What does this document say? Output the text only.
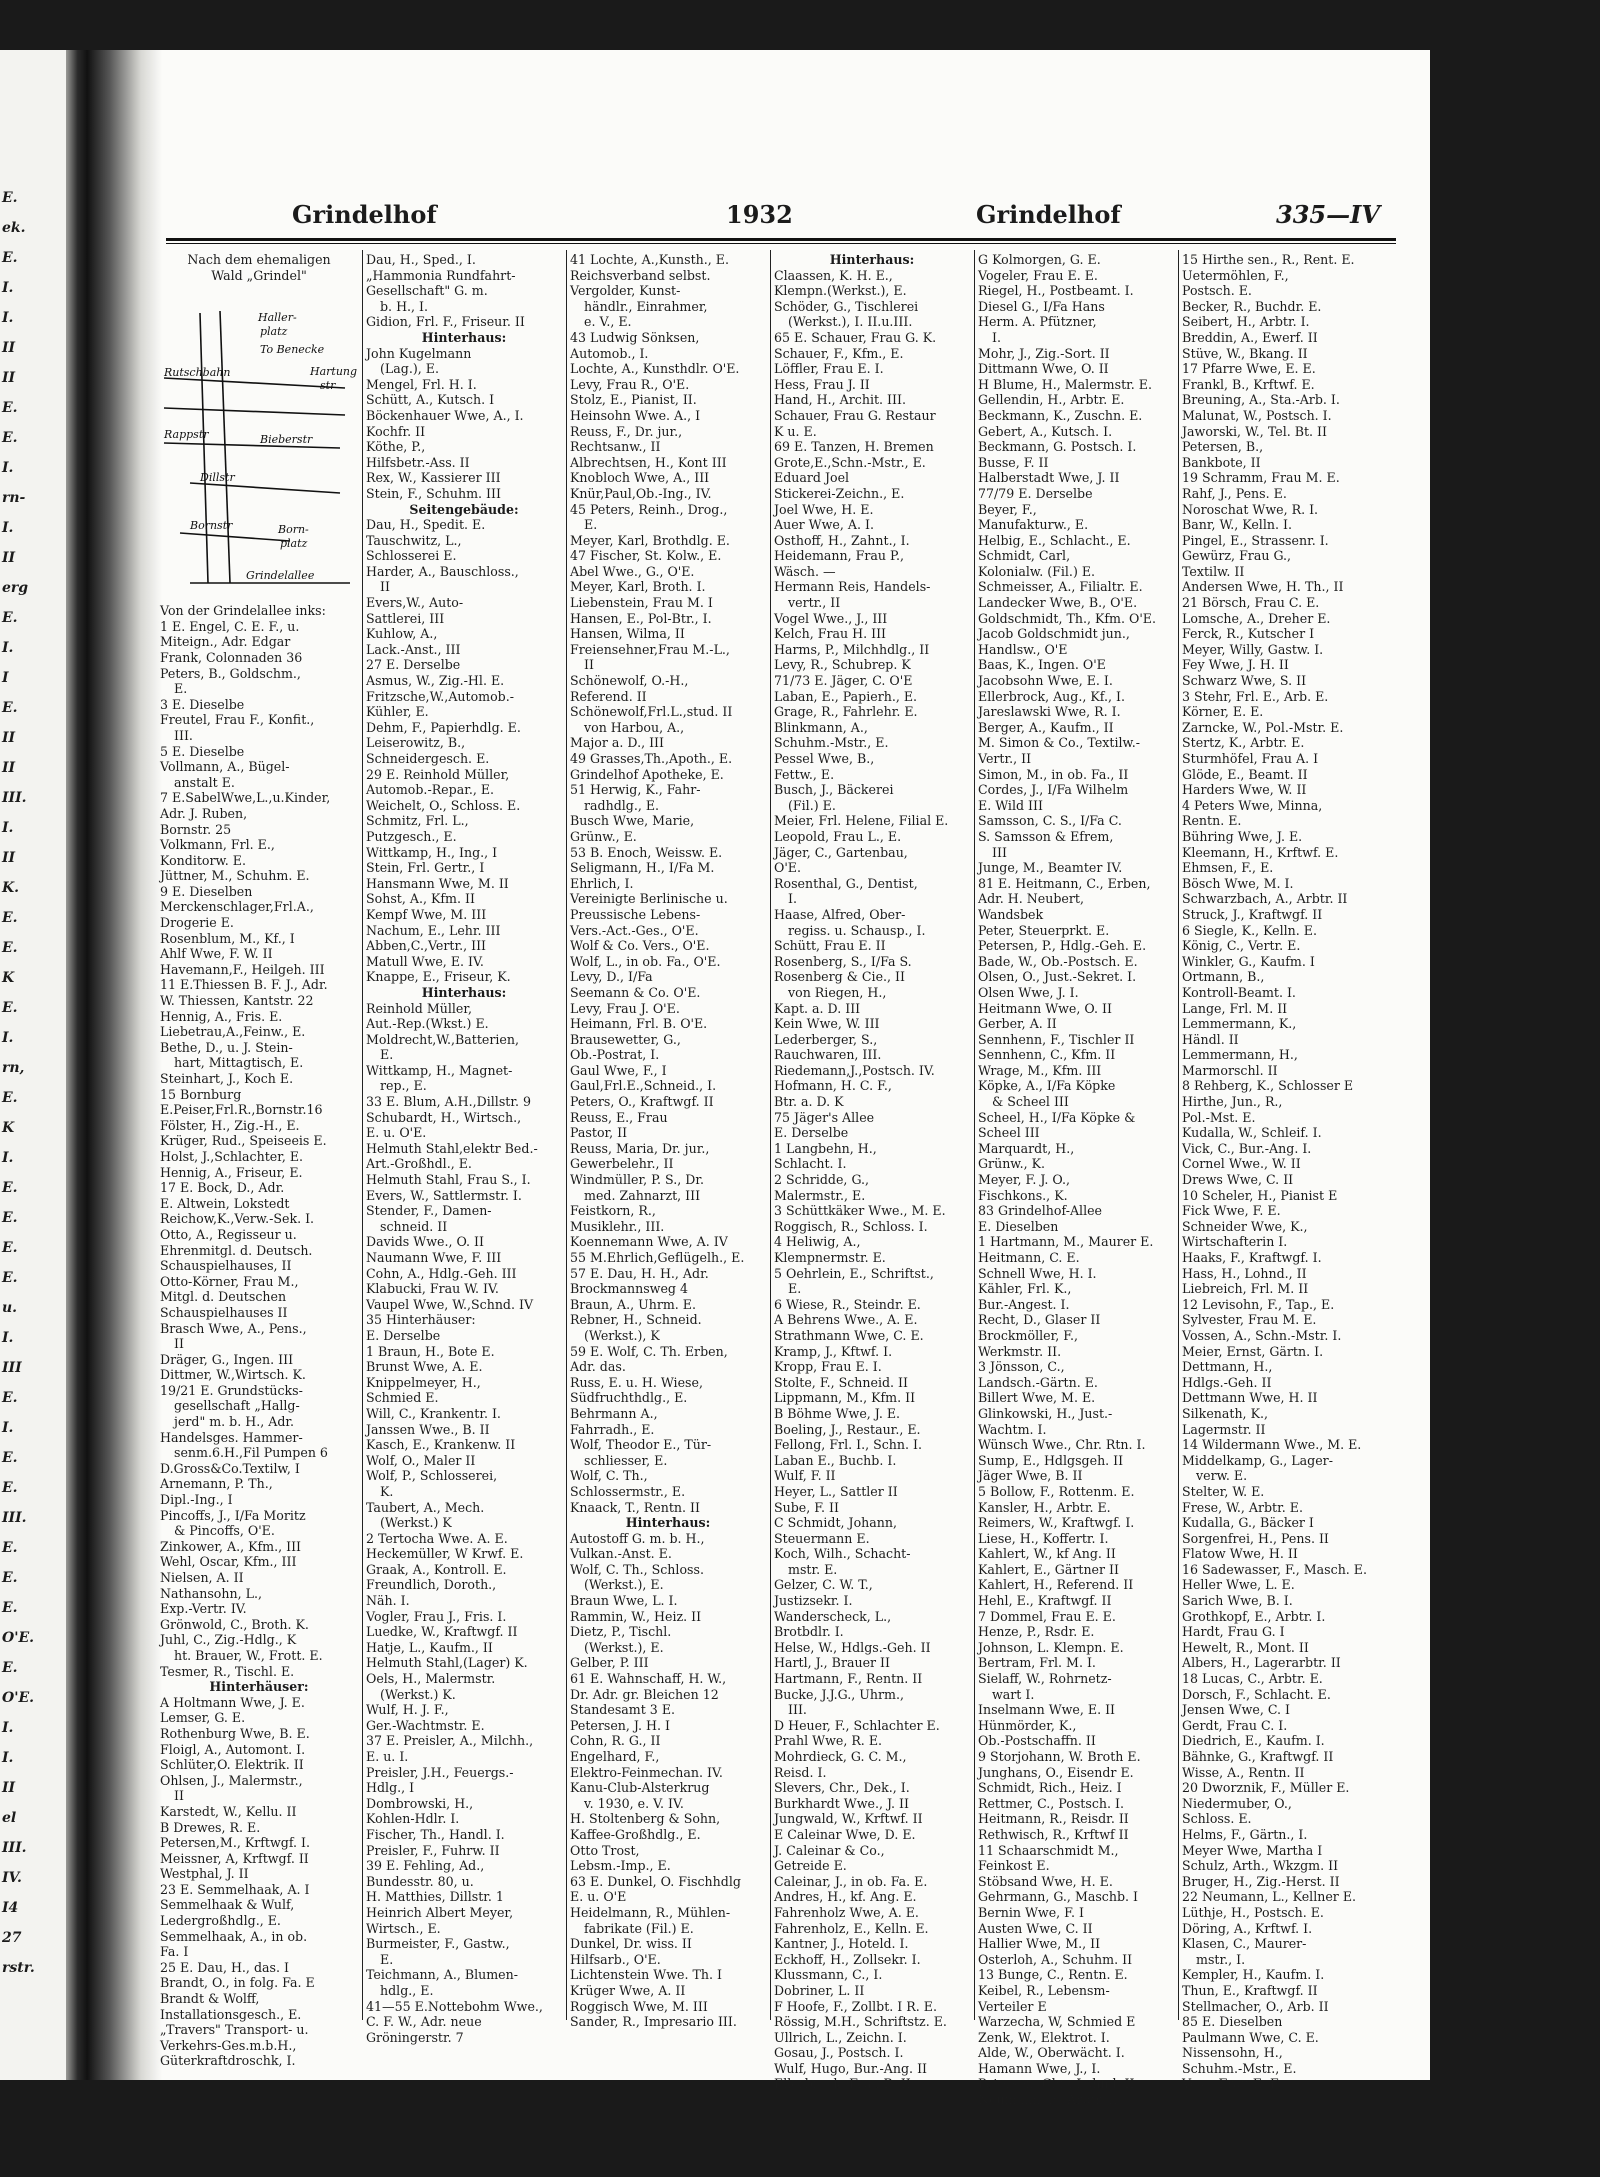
E.
ek.
E.
I.
I.
II
II
E.
E.
I.
rn-
I.
II
erg
E.
I.
I
E.
II
II
III.
I.
II
K.
E.
E.
K
E.
I.
rn,
E.
K
I.
E.
E.
E.
E.
u.
I.
III
E.
I.
E.
E.
III.
E.
E.
E.
O'E.
E.
O'E.
I.
I.
II
el
III.
IV.
I4
27
rstr.
Grindelhof	1932	Grindelhof	335—IV
Nach dem ehemaligen
Wald „Grindel"
Haller-
platz
Rutschbahn
Rappstr
Dillstr
Bornstr
Bieberstr
Born-
platz
Grindelallee
To Benecke
Hartung
str
Von der Grindelallee inks:
1 E. Engel, C. E. F., u.
Miteign., Adr. Edgar
Frank, Colonnaden 36
Peters, B., Goldschm.,
E.
3 E. Dieselbe
Freutel, Frau F., Konfit.,
III.
5 E. Dieselbe
Vollmann, A., Bügel-
anstalt E.
7 E.SabelWwe,L.,u.Kinder,
Adr. J. Ruben,
Bornstr. 25
Volkmann, Frl. E.,
Konditorw. E.
Jüttner, M., Schuhm. E.
9 E. Dieselben
Merckenschlager,Frl.A.,
Drogerie E.
Rosenblum, M., Kf., I
Ahlf Wwe, F. W. II
Havemann,F., Heilgeh. III
11 E.Thiessen B. F. J., Adr.
W. Thiessen, Kantstr. 22
Hennig, A., Fris. E.
Liebetrau,A.,Feinw., E.
Bethe, D., u. J. Stein-
hart, Mittagtisch, E.
Steinhart, J., Koch E.
15 Bornburg
E.Peiser,Frl.R.,Bornstr.16
Fölster, H., Zig.-H., E.
Krüger, Rud., Speiseeis E.
Holst, J.,Schlachter, E.
Hennig, A., Friseur, E.
17 E. Bock, D., Adr.
E. Altwein, Lokstedt
Reichow,K.,Verw.-Sek. I.
Otto, A., Regisseur u.
Ehrenmitgl. d. Deutsch.
Schauspielhauses, II
Otto-Körner, Frau M.,
Mitgl. d. Deutschen
Schauspielhauses II
Brasch Wwe, A., Pens.,
II
Dräger, G., Ingen. III
Dittmer, W.,Wirtsch. K.
19/21 E. Grundstücks-
gesellschaft „Hallg-
jerd" m. b. H., Adr.
Handelsges. Hammer-
senm.6.H.,Fil Pumpen 6
D.Gross&Co.Textilw, I
Arnemann, P. Th.,
Dipl.-Ing., I
Pincoffs, J., I/Fa Moritz
& Pincoffs, O'E.
Zinkower, A., Kfm., III
Wehl, Oscar, Kfm., III
Nielsen, A. II
Nathansohn, L.,
Exp.-Vertr. IV.
Grönwold, C., Broth. K.
Juhl, C., Zig.-Hdlg., K
ht. Brauer, W., Frott. E.
Tesmer, R., Tischl. E.
Hinterhäuser:
A Holtmann Wwe, J. E.
Lemser, G. E.
Rothenburg Wwe, B. E.
Floigl, A., Automont. I.
Schlüter,O. Elektrik. II
Ohlsen, J., Malermstr.,
II
Karstedt, W., Kellu. II
B Drewes, R. E.
Petersen,M., Krftwgf. I.
Meissner, A, Krftwgf. II
Westphal, J. II
23 E. Semmelhaak, A. I
Semmelhaak & Wulf,
Ledergroßhdlg., E.
Semmelhaak, A., in ob.
Fa. I
25 E. Dau, H., das. I
Brandt, O., in folg. Fa. E
Brandt & Wolff,
Installationsgesch., E.
„Travers" Transport- u.
Verkehrs-Ges.m.b.H.,
Güterkraftdroschk, I.
Dau, H., Sped., I.
„Hammonia Rundfahrt-
Gesellschaft" G. m.
b. H., I.
Gidion, Frl. F., Friseur. II
Hinterhaus:
John Kugelmann
(Lag.), E.
Mengel, Frl. H. I.
Schütt, A., Kutsch. I
Böckenhauer Wwe, A., I.
Kochfr. II
Köthe, P.,
Hilfsbetr.-Ass. II
Rex, W., Kassierer III
Stein, F., Schuhm. III
Seitengebäude:
Dau, H., Spedit. E.
Tauschwitz, L.,
Schlosserei E.
Harder, A., Bauschloss.,
II
Evers,W., Auto-
Sattlerei, III
Kuhlow, A.,
Lack.-Anst., III
27 E. Derselbe
Asmus, W., Zig.-Hl. E.
Fritzsche,W.,Automob.-
Kühler, E.
Dehm, F., Papierhdlg. E.
Leiserowitz, B.,
Schneidergesch. E.
29 E. Reinhold Müller,
Automob.-Repar., E.
Weichelt, O., Schloss. E.
Schmitz, Frl. L.,
Putzgesch., E.
Wittkamp, H., Ing., I
Stein, Frl. Gertr., I
Hansmann Wwe, M. II
Sohst, A., Kfm. II
Kempf Wwe, M. III
Nachum, E., Lehr. III
Abben,C.,Vertr., III
Matull Wwe, E. IV.
Knappe, E., Friseur, K.
Hinterhaus:
Reinhold Müller,
Aut.-Rep.(Wkst.) E.
Moldrecht,W.,Batterien,
E.
Wittkamp, H., Magnet-
rep., E.
33 E. Blum, A.H.,Dillstr. 9
Schubardt, H., Wirtsch.,
E. u. O'E.
Helmuth Stahl,elektr Bed.-
Art.-Großhdl., E.
Helmuth Stahl, Frau S., I.
Evers, W., Sattlermstr. I.
Stender, F., Damen-
schneid. II
Davids Wwe., O. II
Naumann Wwe, F. III
Cohn, A., Hdlg.-Geh. III
Klabucki, Frau W. IV.
Vaupel Wwe, W.,Schnd. IV
35 Hinterhäuser:
E. Derselbe
1 Braun, H., Bote E.
Brunst Wwe, A. E.
Knippelmeyer, H.,
Schmied E.
Will, C., Krankentr. I.
Janssen Wwe., B. II
Kasch, E., Krankenw. II
Wolf, O., Maler II
Wolf, P., Schlosserei,
K.
Taubert, A., Mech.
(Werkst.) K
2 Tertocha Wwe. A. E.
Heckemüller, W Krwf. E.
Graak, A., Kontroll. E.
Freundlich, Doroth.,
Näh. I.
Vogler, Frau J., Fris. I.
Luedke, W., Kraftwgf. II
Hatje, L., Kaufm., II
Helmuth Stahl,(Lager) K.
Oels, H., Malermstr.
(Werkst.) K.
Wulf, H. J. F.,
Ger.-Wachtmstr. E.
37 E. Preisler, A., Milchh.,
E. u. I.
Preisler, J.H., Feuergs.-
Hdlg., I
Dombrowski, H.,
Kohlen-Hdlr. I.
Fischer, Th., Handl. I.
Preisler, F., Fuhrw. II
39 E. Fehling, Ad.,
Bundesstr. 80, u.
H. Matthies, Dillstr. 1
Heinrich Albert Meyer,
Wirtsch., E.
Burmeister, F., Gastw.,
E.
Teichmann, A., Blumen-
hdlg., E.
41—55 E.Nottebohm Wwe.,
C. F. W., Adr. neue
Gröningerstr. 7
41 Lochte, A.,Kunsth., E.
Reichsverband selbst.
Vergolder, Kunst-
händlr., Einrahmer,
e. V., E.
43 Ludwig Sönksen,
Automob., I.
Lochte, A., Kunsthdlr. O'E.
Levy, Frau R., O'E.
Stolz, E., Pianist, II.
Heinsohn Wwe. A., I
Reuss, F., Dr. jur.,
Rechtsanw., II
Albrechtsen, H., Kont III
Knobloch Wwe, A., III
Knür,Paul,Ob.-Ing., IV.
45 Peters, Reinh., Drog.,
E.
Meyer, Karl, Brothdlg. E.
47 Fischer, St. Kolw., E.
Abel Wwe., G., O'E.
Meyer, Karl, Broth. I.
Liebenstein, Frau M. I
Hansen, E., Pol-Btr., I.
Hansen, Wilma, II
Freiensehner,Frau M.-L.,
II
Schönewolf, O.-H.,
Referend. II
Schönewolf,Frl.L.,stud. II
von Harbou, A.,
Major a. D., III
49 Grasses,Th.,Apoth., E.
Grindelhof Apotheke, E.
51 Herwig, K., Fahr-
radhdlg., E.
Busch Wwe, Marie,
Grünw., E.
53 B. Enoch, Weissw. E.
Seligmann, H., I/Fa M.
Ehrlich, I.
Vereinigte Berlinische u.
Preussische Lebens-
Vers.-Act.-Ges., O'E.
Wolf & Co. Vers., O'E.
Wolf, L., in ob. Fa., O'E.
Levy, D., I/Fa
Seemann & Co. O'E.
Levy, Frau J. O'E.
Heimann, Frl. B. O'E.
Brausewetter, G.,
Ob.-Postrat, I.
Gaul Wwe, F., I
Gaul,Frl.E.,Schneid., I.
Peters, O., Kraftwgf. II
Reuss, E., Frau
Pastor, II
Reuss, Maria, Dr. jur.,
Gewerbelehr., II
Windmüller, P. S., Dr.
med. Zahnarzt, III
Feistkorn, R.,
Musiklehr., III.
Koennemann Wwe, A. IV
55 M.Ehrlich,Geflügelh., E.
57 E. Dau, H. H., Adr.
Brockmannsweg 4
Braun, A., Uhrm. E.
Rebner, H., Schneid.
(Werkst.), K
59 E. Wolf, C. Th. Erben,
Adr. das.
Russ, E. u. H. Wiese,
Südfruchthdlg., E.
Behrmann A.,
Fahrradh., E.
Wolf, Theodor E., Tür-
schliesser, E.
Wolf, C. Th.,
Schlossermstr., E.
Knaack, T., Rentn. II
Hinterhaus:
Autostoff G. m. b. H.,
Vulkan.-Anst. E.
Wolf, C. Th., Schloss.
(Werkst.), E.
Braun Wwe, L. I.
Rammin, W., Heiz. II
Dietz, P., Tischl.
(Werkst.), E.
Gelber, P. III
61 E. Wahnschaff, H. W.,
Dr. Adr. gr. Bleichen 12
Standesamt 3 E.
Petersen, J. H. I
Cohn, R. G., II
Engelhard, F.,
Elektro-Feinmechan. IV.
Kanu-Club-Alsterkrug
v. 1930, e. V. IV.
H. Stoltenberg & Sohn,
Kaffee-Großhdlg., E.
Otto Trost,
Lebsm.-Imp., E.
63 E. Dunkel, O. Fischhdlg
E. u. O'E
Heidelmann, R., Mühlen-
fabrikate (Fil.) E.
Dunkel, Dr. wiss. II
Hilfsarb., O'E.
Lichtenstein Wwe. Th. I
Krüger Wwe, A. II
Roggisch Wwe, M. III
Sander, R., Impresario III.
Hinterhaus:
Claassen, K. H. E.,
Klempn.(Werkst.), E.
Schöder, G., Tischlerei
(Werkst.), I. II.u.III.
65 E. Schauer, Frau G. K.
Schauer, F., Kfm., E.
Löffler, Frau E. I.
Hess, Frau J. II
Hand, H., Archit. III.
Schauer, Frau G. Restaur
K u. E.
69 E. Tanzen, H. Bremen
Grote,E.,Schn.-Mstr., E.
Eduard Joel
Stickerei-Zeichn., E.
Joel Wwe, H. E.
Auer Wwe, A. I.
Osthoff, H., Zahnt., I.
Heidemann, Frau P.,
Wäsch. —
Hermann Reis, Handels-
vertr., II
Vogel Wwe., J., III
Kelch, Frau H. III
Harms, P., Milchhdlg., II
Levy, R., Schubrep. K
71/73 E. Jäger, C. O'E
Laban, E., Papierh., E.
Grage, R., Fahrlehr. E.
Blinkmann, A.,
Schuhm.-Mstr., E.
Pessel Wwe, B.,
Fettw., E.
Busch, J., Bäckerei
(Fil.) E.
Meier, Frl. Helene, Filial E.
Leopold, Frau L., E.
Jäger, C., Gartenbau,
O'E.
Rosenthal, G., Dentist,
I.
Haase, Alfred, Ober-
regiss. u. Schausp., I.
Schütt, Frau E. II
Rosenberg, S., I/Fa S.
Rosenberg & Cie., II
von Riegen, H.,
Kapt. a. D. III
Kein Wwe, W. III
Lederberger, S.,
Rauchwaren, III.
Riedemann,J.,Postsch. IV.
Hofmann, H. C. F.,
Btr. a. D. K
75 Jäger's Allee
E. Derselbe
1 Langbehn, H.,
Schlacht. I.
2 Schridde, G.,
Malermstr., E.
3 Schüttkäker Wwe., M. E.
Roggisch, R., Schloss. I.
4 Heliwig, A.,
Klempnermstr. E.
5 Oehrlein, E., Schriftst.,
E.
6 Wiese, R., Steindr. E.
A Behrens Wwe., A. E.
Strathmann Wwe, C. E.
Kramp, J., Kftwf. I.
Kropp, Frau E. I.
Stolte, F., Schneid. II
Lippmann, M., Kfm. II
B Böhme Wwe, J. E.
Boeling, J., Restaur., E.
Fellong, Frl. I., Schn. I.
Laban E., Buchb. I.
Wulf, F. II
Heyer, L., Sattler II
Sube, F. II
C Schmidt, Johann,
Steuermann E.
Koch, Wilh., Schacht-
mstr. E.
Gelzer, C. W. T.,
Justizsekr. I.
Wanderscheck, L.,
Brotbdlr. I.
Helse, W., Hdlgs.-Geh. II
Hartl, J., Brauer II
Hartmann, F., Rentn. II
Bucke, J.J.G., Uhrm.,
III.
D Heuer, F., Schlachter E.
Prahl Wwe, R. E.
Mohrdieck, G. C. M.,
Reisd. I.
Slevers, Chr., Dek., I.
Burkhardt Wwe., J. II
Jungwald, W., Krftwf. II
E Caleinar Wwe, D. E.
J. Caleinar & Co.,
Getreide E.
Caleinar, J., in ob. Fa. E.
Andres, H., kf. Ang. E.
Fahrenholz Wwe, A. E.
Fahrenholz, E., Kelln. E.
Kantner, J., Hoteld. I.
Eckhoff, H., Zollsekr. I.
Klussmann, C., I.
Dobriner, L. II
F Hoofe, F., Zollbt. I R. E.
Rössig, M.H., Schriftstz. E.
Ullrich, L., Zeichn. I.
Gosau, J., Postsch. I.
Wulf, Hugo, Bur.-Ang. II
Ellerbrock, Frau B. II
G Kolmorgen, G. E.
Vogeler, Frau E. E.
Riegel, H., Postbeamt. I.
Diesel G., I/Fa Hans
Herm. A. Pfützner,
I.
Mohr, J., Zig.-Sort. II
Dittmann Wwe, O. II
H Blume, H., Malermstr. E.
Gellendin, H., Arbtr. E.
Beckmann, K., Zuschn. E.
Gebert, A., Kutsch. I.
Beckmann, G. Postsch. I.
Busse, F. II
Halberstadt Wwe, J. II
77/79 E. Derselbe
Beyer, F.,
Manufakturw., E.
Helbig, E., Schlacht., E.
Schmidt, Carl,
Kolonialw. (Fil.) E.
Schmeisser, A., Filialtr. E.
Landecker Wwe, B., O'E.
Goldschmidt, Th., Kfm. O'E.
Jacob Goldschmidt jun.,
Handlsw., O'E
Baas, K., Ingen. O'E
Jacobsohn Wwe, E. I.
Ellerbrock, Aug., Kf., I.
Jareslawski Wwe, R. I.
Berger, A., Kaufm., II
M. Simon & Co., Textilw.-
Vertr., II
Simon, M., in ob. Fa., II
Cordes, J., I/Fa Wilhelm
E. Wild III
Samsson, C. S., I/Fa C.
S. Samsson & Efrem,
III
Junge, M., Beamter IV.
81 E. Heitmann, C., Erben,
Adr. H. Neubert,
Wandsbek
Peter, Steuerprkt. E.
Petersen, P., Hdlg.-Geh. E.
Bade, W., Ob.-Postsch. E.
Olsen, O., Just.-Sekret. I.
Olsen Wwe, J. I.
Heitmann Wwe, O. II
Gerber, A. II
Sennhenn, F., Tischler II
Sennhenn, C., Kfm. II
Wrage, M., Kfm. III
Köpke, A., I/Fa Köpke
& Scheel III
Scheel, H., I/Fa Köpke &
Scheel III
Marquardt, H.,
Grünw., K.
Meyer, F. J. O.,
Fischkons., K.
83 Grindelhof-Allee
E. Dieselben
1 Hartmann, M., Maurer E.
Heitmann, C. E.
Schnell Wwe, H. I.
Kähler, Frl. K.,
Bur.-Angest. I.
Recht, D., Glaser II
Brockmöller, F.,
Werkmstr. II.
3 Jönsson, C.,
Landsch.-Gärtn. E.
Billert Wwe, M. E.
Glinkowski, H., Just.-
Wachtm. I.
Wünsch Wwe., Chr. Rtn. I.
Sump, E., Hdlgsgeh. II
Jäger Wwe, B. II
5 Bollow, F., Rottenm. E.
Kansler, H., Arbtr. E.
Reimers, W., Kraftwgf. I.
Liese, H., Koffertr. I.
Kahlert, W., kf Ang. II
Kahlert, E., Gärtner II
Kahlert, H., Referend. II
Hehl, E., Kraftwgf. II
7 Dommel, Frau E. E.
Henze, P., Rsdr. E.
Johnson, L. Klempn. E.
Bertram, Frl. M. I.
Sielaff, W., Rohrnetz-
wart I.
Inselmann Wwe, E. II
Hünmörder, K.,
Ob.-Postschaffn. II
9 Storjohann, W. Broth E.
Junghans, O., Eisendr E.
Schmidt, Rich., Heiz. I
Rettmer, C., Postsch. I.
Heitmann, R., Reisdr. II
Rethwisch, R., Krftwf II
11 Schaarschmidt M.,
Feinkost E.
Stöbsand Wwe, H. E.
Gehrmann, G., Maschb. I
Bernin Wwe, F. I
Austen Wwe, C. II
Hallier Wwe, M., II
Osterloh, A., Schuhm. II
13 Bunge, C., Rentn. E.
Keibel, R., Lebensm-
Verteiler E
Warzecha, W, Schmied E
Zenk, W., Elektrot. I.
Alde, W., Oberwächt. I.
Hamann Wwe, J., I.
Petersen, Chr., Lohnd. II
Neumann, F., Arbtr. II
15 Hirthe sen., R., Rent. E.
Uetermöhlen, F.,
Postsch. E.
Becker, R., Buchdr. E.
Seibert, H., Arbtr. I.
Breddin, A., Ewerf. II
Stüve, W., Bkang. II
17 Pfarre Wwe, E. E.
Frankl, B., Krftwf. E.
Breuning, A., Sta.-Arb. I.
Malunat, W., Postsch. I.
Jaworski, W., Tel. Bt. II
Petersen, B.,
Bankbote, II
19 Schramm, Frau M. E.
Rahf, J., Pens. E.
Noroschat Wwe, R. I.
Banr, W., Kelln. I.
Pingel, E., Strassenr. I.
Gewürz, Frau G.,
Textilw. II
Andersen Wwe, H. Th., II
21 Börsch, Frau C. E.
Lomsche, A., Dreher E.
Ferck, R., Kutscher I
Meyer, Willy, Gastw. I.
Fey Wwe, J. H. II
Schwarz Wwe, S. II
3 Stehr, Frl. E., Arb. E.
Körner, E. E.
Zarncke, W., Pol.-Mstr. E.
Stertz, K., Arbtr. E.
Sturmhöfel, Frau A. I
Glöde, E., Beamt. II
Harders Wwe, W. II
4 Peters Wwe, Minna,
Rentn. E.
Bühring Wwe, J. E.
Kleemann, H., Krftwf. E.
Ehmsen, F., E.
Bösch Wwe, M. I.
Schwarzbach, A., Arbtr. II
Struck, J., Kraftwgf. II
6 Siegle, K., Kelln. E.
König, C., Vertr. E.
Winkler, G., Kaufm. I
Ortmann, B.,
Kontroll-Beamt. I.
Lange, Frl. M. II
Lemmermann, K.,
Händl. II
Lemmermann, H.,
Marmorschl. II
8 Rehberg, K., Schlosser E
Hirthe, Jun., R.,
Pol.-Mst. E.
Kudalla, W., Schleif. I.
Vick, C., Bur.-Ang. I.
Cornel Wwe., W. II
Drews Wwe, C. II
10 Scheler, H., Pianist E
Fick Wwe, F. E.
Schneider Wwe, K.,
Wirtschafterin I.
Haaks, F., Kraftwgf. I.
Hass, H., Lohnd., II
Liebreich, Frl. M. II
12 Levisohn, F., Tap., E.
Sylvester, Frau M. E.
Vossen, A., Schn.-Mstr. I.
Meier, Ernst, Gärtn. I.
Dettmann, H.,
Hdlgs.-Geh. II
Dettmann Wwe, H. II
Silkenath, K.,
Lagermstr. II
14 Wildermann Wwe., M. E.
Middelkamp, G., Lager-
verw. E.
Stelter, W. E.
Frese, W., Arbtr. E.
Kudalla, G., Bäcker I
Sorgenfrei, H., Pens. II
Flatow Wwe, H. II
16 Sadewasser, F., Masch. E.
Heller Wwe, L. E.
Sarich Wwe, B. I.
Grothkopf, E., Arbtr. I.
Hardt, Frau G. I
Hewelt, R., Mont. II
Albers, H., Lagerarbtr. II
18 Lucas, C., Arbtr. E.
Dorsch, F., Schlacht. E.
Jensen Wwe, C. I
Gerdt, Frau C. I.
Diedrich, E., Kaufm. I.
Bähnke, G., Kraftwgf. II
Wisse, A., Rentn. II
20 Dworznik, F., Müller E.
Niedermuber, O.,
Schloss. E.
Helms, F., Gärtn., I.
Meyer Wwe, Martha I
Schulz, Arth., Wkzgm. II
Bruger, H., Zig.-Herst. II
22 Neumann, L., Kellner E.
Lüthje, H., Postsch. E.
Döring, A., Krftwf. I.
Klasen, C., Maurer-
mstr., I.
Kempler, H., Kaufm. I.
Thun, E., Kraftwgf. II
Stellmacher, O., Arb. II
85 E. Dieselben
Paulmann Wwe, C. E.
Nissensohn, H.,
Schuhm.-Mstr., E.
Voss, Frau E. E.
